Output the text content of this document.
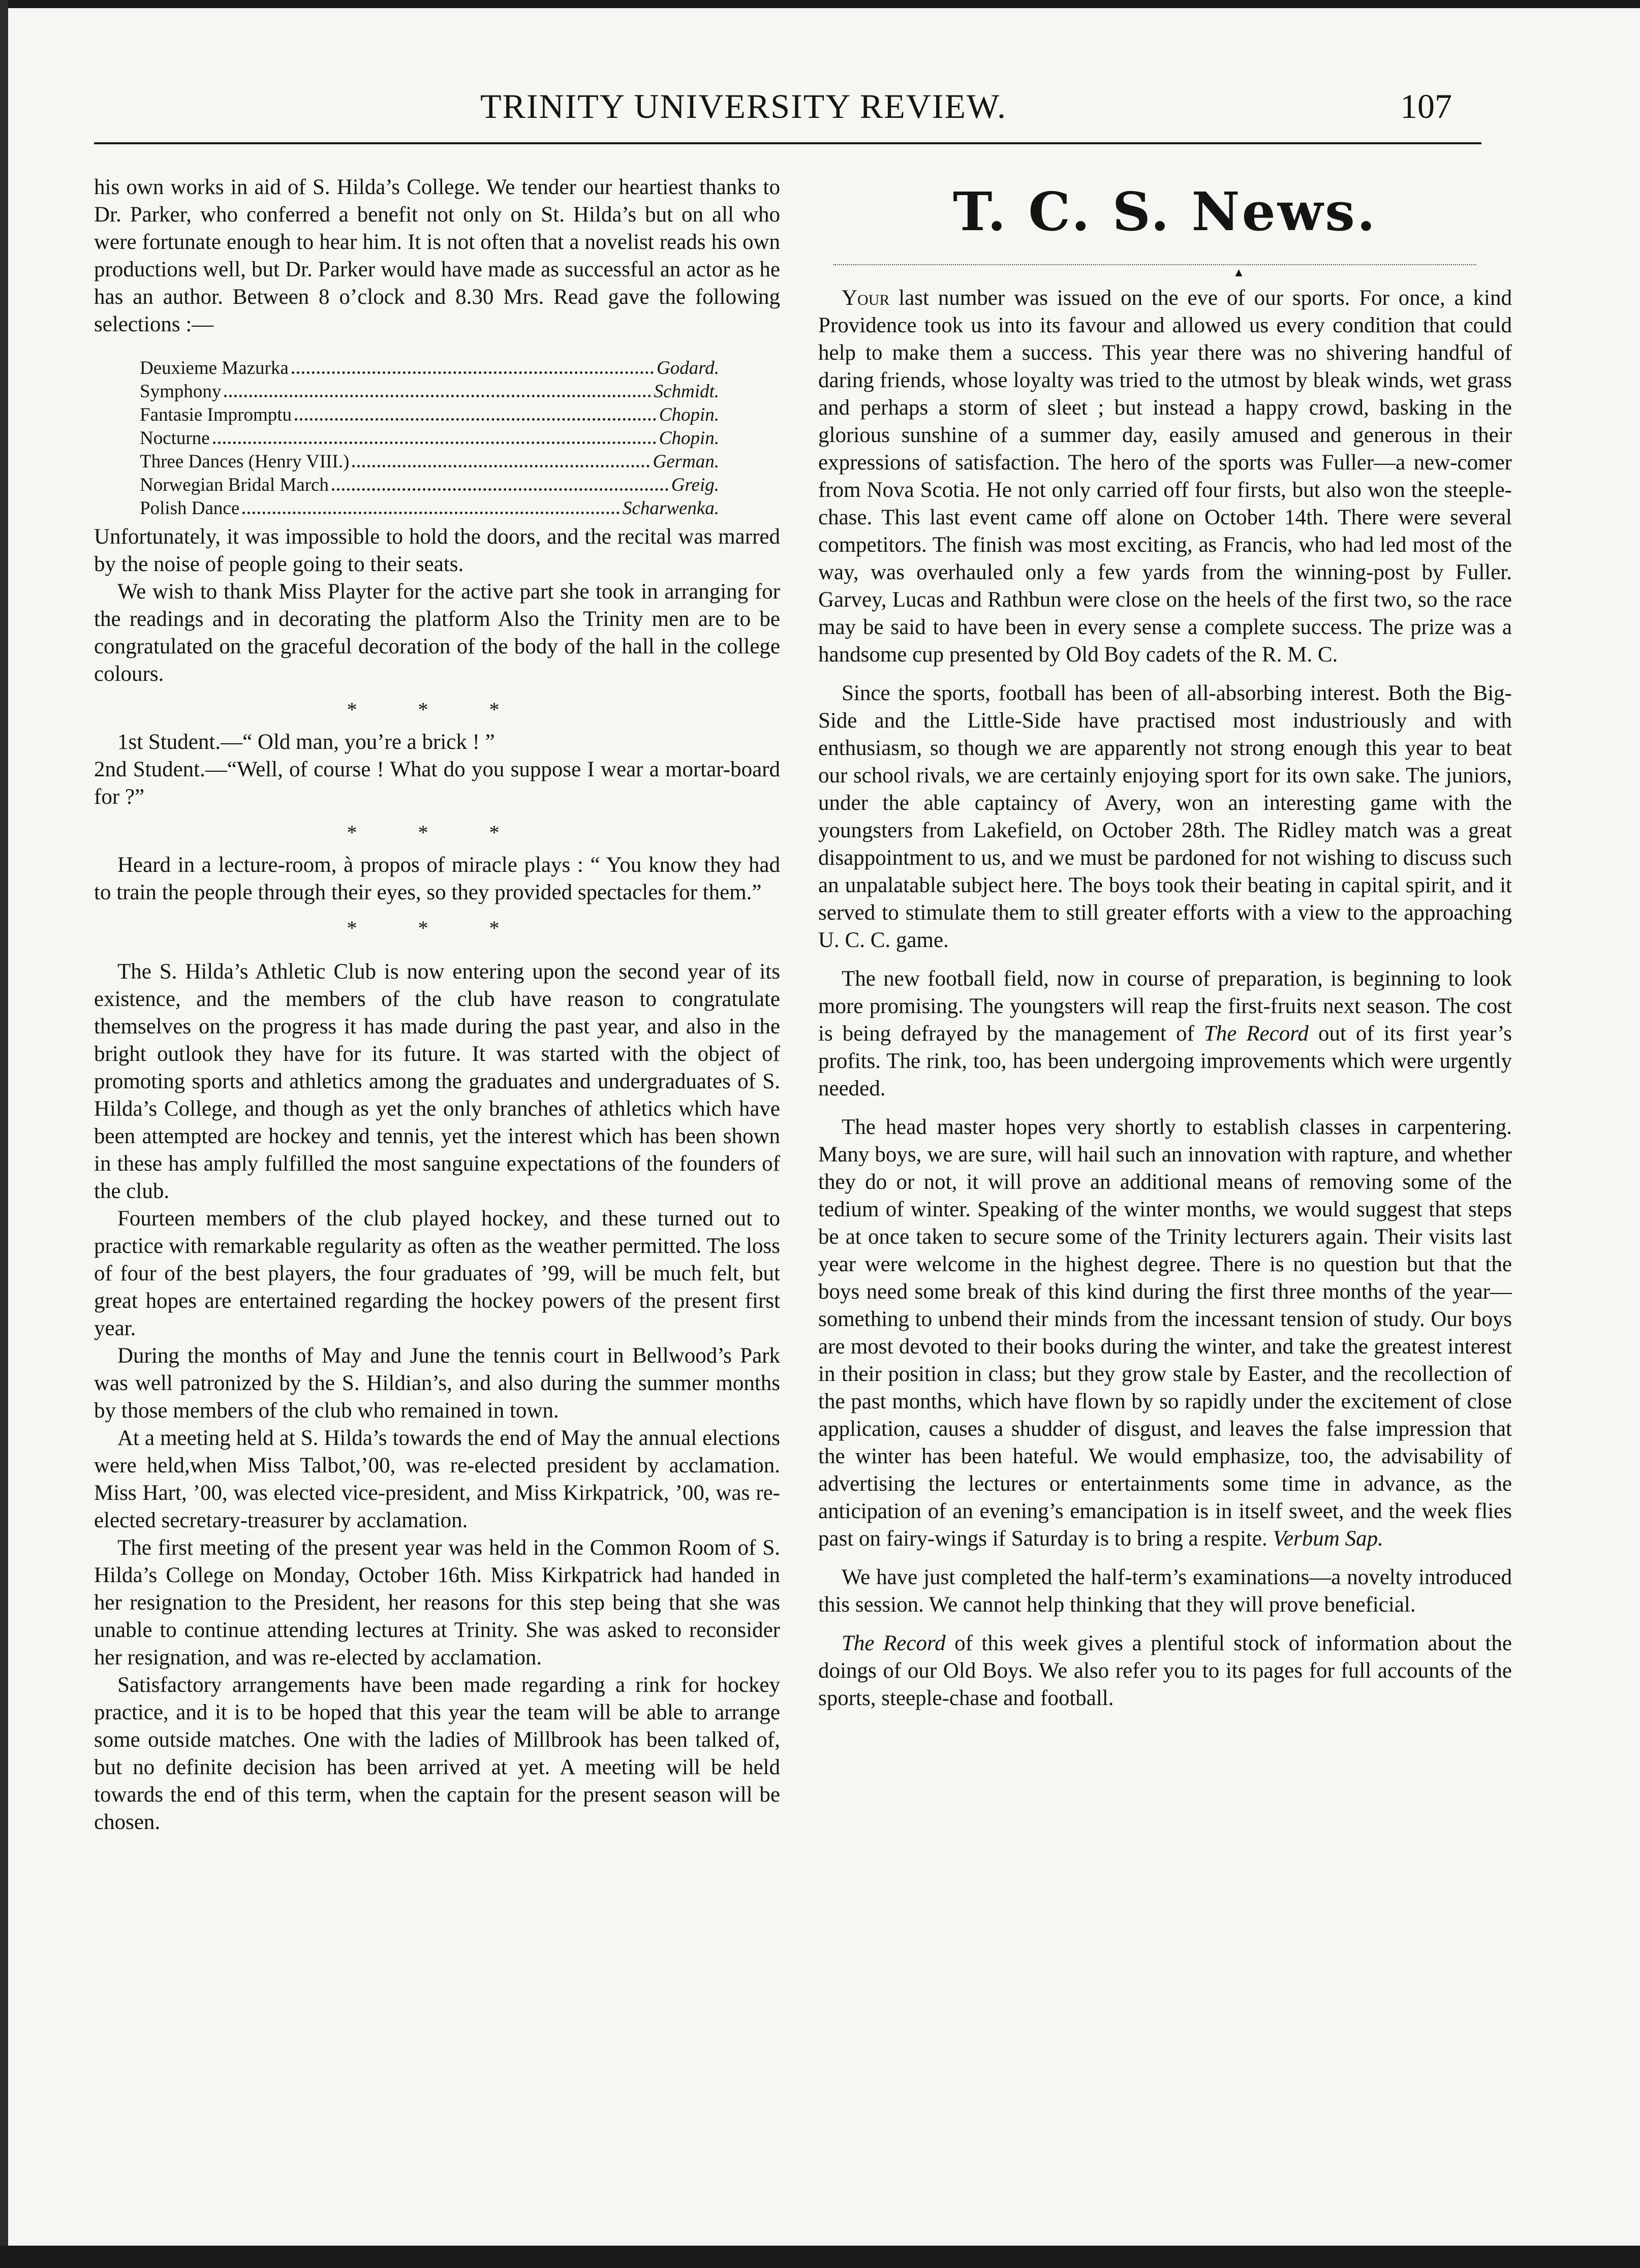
TRINITY UNIVERSITY REVIEW.	107

his own works in aid of S. Hilda’s College. We tender our heartiest thanks to Dr. Parker, who conferred a benefit not only on St. Hilda’s but on all who were fortunate enough to hear him. It is not often that a novelist reads his own productions well, but Dr. Parker would have made as successful an actor as he has an author. Between 8 o’clock and 8.30 Mrs. Read gave the following selections :—

Deuxieme Mazurka	Godard.
Symphony	Schmidt.
Fantasie Impromptu	Chopin.
Nocturne	Chopin.
Three Dances (Henry VIII.)	German.
Norwegian Bridal March	Greig.
Polish Dance	Scharwenka.

Unfortunately, it was impossible to hold the doors, and the recital was marred by the noise of people going to their seats.

We wish to thank Miss Playter for the active part she took in arranging for the readings and in decorating the platform Also the Trinity men are to be congratulated on the graceful decoration of the body of the hall in the college colours.

* * *

1st Student.—“ Old man, you’re a brick ! ”

2nd Student.—“Well, of course ! What do you suppose I wear a mortar-board for ?”

* * *

Heard in a lecture-room, à propos of miracle plays : “ You know they had to train the people through their eyes, so they provided spectacles for them.”

* * *

The S. Hilda’s Athletic Club is now entering upon the second year of its existence, and the members of the club have reason to congratulate themselves on the progress it has made during the past year, and also in the bright outlook they have for its future. It was started with the object of promoting sports and athletics among the graduates and undergraduates of S. Hilda’s College, and though as yet the only branches of athletics which have been attempted are hockey and tennis, yet the interest which has been shown in these has amply fulfilled the most sanguine expectations of the founders of the club.

Fourteen members of the club played hockey, and these turned out to practice with remarkable regularity as often as the weather permitted. The loss of four of the best players, the four graduates of ’99, will be much felt, but great hopes are entertained regarding the hockey powers of the present first year.

During the months of May and June the tennis court in Bellwood’s Park was well patronized by the S. Hildian’s, and also during the summer months by those members of the club who remained in town.

At a meeting held at S. Hilda’s towards the end of May the annual elections were held,when Miss Talbot,’00, was re-elected president by acclamation. Miss Hart, ’00, was elected vice-president, and Miss Kirkpatrick, ’00, was re-elected secretary-treasurer by acclamation.

The first meeting of the present year was held in the Common Room of S. Hilda’s College on Monday, October 16th. Miss Kirkpatrick had handed in her resignation to the President, her reasons for this step being that she was unable to continue attending lectures at Trinity. She was asked to reconsider her resignation, and was re-elected by acclamation.

Satisfactory arrangements have been made regarding a rink for hockey practice, and it is to be hoped that this year the team will be able to arrange some outside matches. One with the ladies of Millbrook has been talked of, but no definite decision has been arrived at yet. A meeting will be held towards the end of this term, when the captain for the present season will be chosen.

T. C. S. News.
▲

Your last number was issued on the eve of our sports. For once, a kind Providence took us into its favour and allowed us every condition that could help to make them a success. This year there was no shivering handful of daring friends, whose loyalty was tried to the utmost by bleak winds, wet grass and perhaps a storm of sleet ; but instead a happy crowd, basking in the glorious sunshine of a summer day, easily amused and generous in their expressions of satisfaction. The hero of the sports was Fuller—a new-comer from Nova Scotia. He not only carried off four firsts, but also won the steeple-chase. This last event came off alone on October 14th. There were several competitors. The finish was most exciting, as Francis, who had led most of the way, was overhauled only a few yards from the winning-post by Fuller. Garvey, Lucas and Rathbun were close on the heels of the first two, so the race may be said to have been in every sense a complete success. The prize was a handsome cup presented by Old Boy cadets of the R. M. C.

Since the sports, football has been of all-absorbing interest. Both the Big-Side and the Little-Side have practised most industriously and with enthusiasm, so though we are apparently not strong enough this year to beat our school rivals, we are certainly enjoying sport for its own sake. The juniors, under the able captaincy of Avery, won an interesting game with the youngsters from Lakefield, on October 28th. The Ridley match was a great disappointment to us, and we must be pardoned for not wishing to discuss such an unpalatable subject here. The boys took their beating in capital spirit, and it served to stimulate them to still greater efforts with a view to the approaching U. C. C. game.

The new football field, now in course of preparation, is beginning to look more promising. The youngsters will reap the first-fruits next season. The cost is being defrayed by the management of The Record out of its first year’s profits. The rink, too, has been undergoing improvements which were urgently needed.

The head master hopes very shortly to establish classes in carpentering. Many boys, we are sure, will hail such an innovation with rapture, and whether they do or not, it will prove an additional means of removing some of the tedium of winter. Speaking of the winter months, we would suggest that steps be at once taken to secure some of the Trinity lecturers again. Their visits last year were welcome in the highest degree. There is no question but that the boys need some break of this kind during the first three months of the year—something to unbend their minds from the incessant tension of study. Our boys are most devoted to their books during the winter, and take the greatest interest in their position in class; but they grow stale by Easter, and the recollection of the past months, which have flown by so rapidly under the excitement of close application, causes a shudder of disgust, and leaves the false impression that the winter has been hateful. We would emphasize, too, the advisability of advertising the lectures or entertainments some time in advance, as the anticipation of an evening’s emancipation is in itself sweet, and the week flies past on fairy-wings if Saturday is to bring a respite. Verbum Sap.

We have just completed the half-term’s examinations—a novelty introduced this session. We cannot help thinking that they will prove beneficial.

The Record of this week gives a plentiful stock of information about the doings of our Old Boys. We also refer you to its pages for full accounts of the sports, steeple-chase and football.
